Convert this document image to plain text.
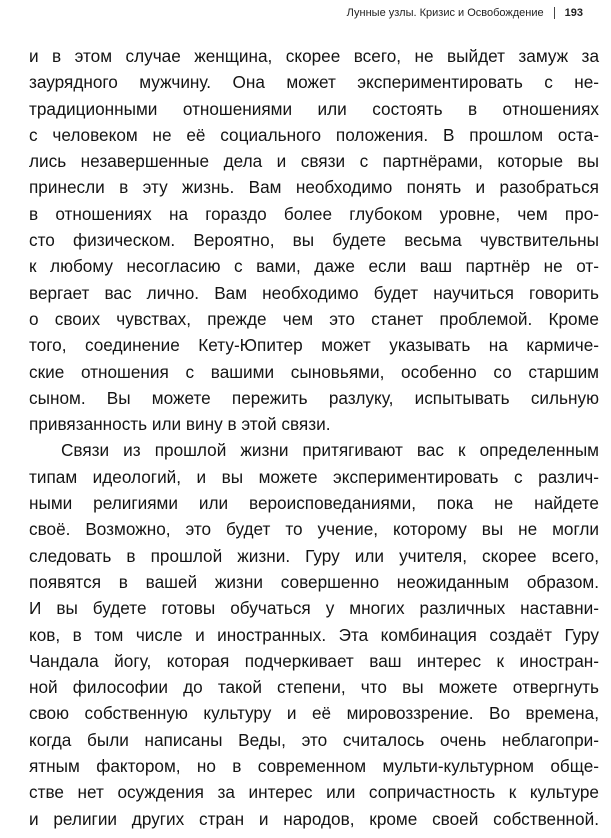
Лунные узлы. Кризис и Освобождение 193
и в этом случае женщина, скорее всего, не выйдет замуж за
заурядного мужчину. Она может экспериментировать с не-
традиционными отношениями или состоять в отношениях
с человеком не её социального положения. В прошлом оста-
лись незавершенные дела и связи с партнёрами, которые вы
принесли в эту жизнь. Вам необходимо понять и разобраться
в отношениях на гораздо более глубоком уровне, чем про-
сто физическом. Вероятно, вы будете весьма чувствительны
к любому несогласию с вами, даже если ваш партнёр не от-
вергает вас лично. Вам необходимо будет научиться говорить
о своих чувствах, прежде чем это станет проблемой. Кроме
того, соединение Кету-Юпитер может указывать на кармиче-
ские отношения с вашими сыновьями, особенно со старшим
сыном. Вы можете пережить разлуку, испытывать сильную
привязанность или вину в этой связи.
Связи из прошлой жизни притягивают вас к определенным
типам идеологий, и вы можете экспериментировать с различ-
ными религиями или вероисповеданиями, пока не найдете
своё. Возможно, это будет то учение, которому вы не могли
следовать в прошлой жизни. Гуру или учителя, скорее всего,
появятся в вашей жизни совершенно неожиданным образом.
И вы будете готовы обучаться у многих различных наставни-
ков, в том числе и иностранных. Эта комбинация создаёт Гуру
Чандала йогу, которая подчеркивает ваш интерес к иностран-
ной философии до такой степени, что вы можете отвергнуть
свою собственную культуру и её мировоззрение. Во времена,
когда были написаны Веды, это считалось очень неблагопри-
ятным фактором, но в современном мульти-культурном обще-
стве нет осуждения за интерес или сопричастность к культуре
и религии других стран и народов, кроме своей собственной.
